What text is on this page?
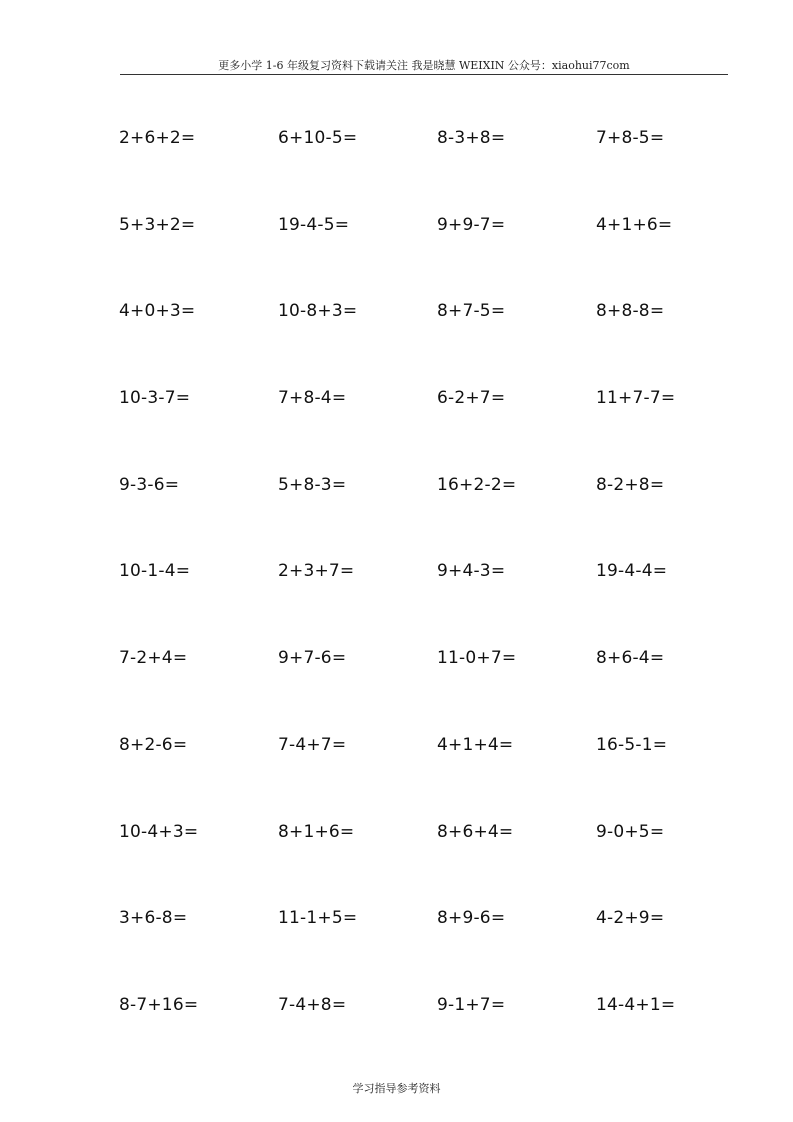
更多小学 1-6 年级复习资料下载请关注 我是晓慧 WEIXIN 公众号：xiaohui77com
2+6+2=	6+10-5=	8-3+8=	7+8-5=
5+3+2=	19-4-5=	9+9-7=	4+1+6=
4+0+3=	10-8+3=	8+7-5=	8+8-8=
10-3-7=	7+8-4=	6-2+7=	11+7-7=
9-3-6=	5+8-3=	16+2-2=	8-2+8=
10-1-4=	2+3+7=	9+4-3=	19-4-4=
7-2+4=	9+7-6=	11-0+7=	8+6-4=
8+2-6=	7-4+7=	4+1+4=	16-5-1=
10-4+3=	8+1+6=	8+6+4=	9-0+5=
3+6-8=	11-1+5=	8+9-6=	4-2+9=
8-7+16=	7-4+8=	9-1+7=	14-4+1=
学习指导参考资料
